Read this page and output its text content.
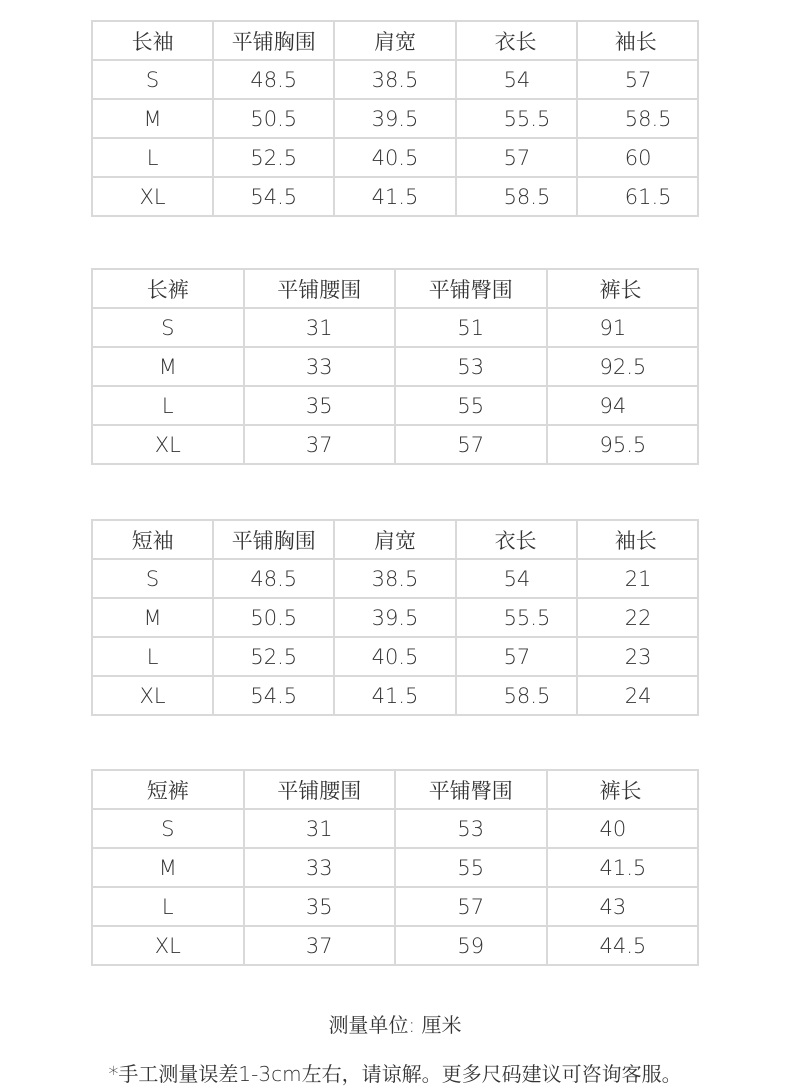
长袖	平铺胸围	肩宽	衣长	袖长
S	48.5	38.5	54	57
M	50.5	39.5	55.5	58.5
L	52.5	40.5	57	60
XL	54.5	41.5	58.5	61.5
长裤	平铺腰围	平铺臀围	裤长
S	31	51	91
M	33	53	92.5
L	35	55	94
XL	37	57	95.5
短袖	平铺胸围	肩宽	衣长	袖长
S	48.5	38.5	54	21
M	50.5	39.5	55.5	22
L	52.5	40.5	57	23
XL	54.5	41.5	58.5	24
短裤	平铺腰围	平铺臀围	裤长
S	31	53	40
M	33	55	41.5
L	35	57	43
XL	37	59	44.5
测量单位: 厘米
*手工测量误差1-3cm左右，请谅解。更多尺码建议可咨询客服。
